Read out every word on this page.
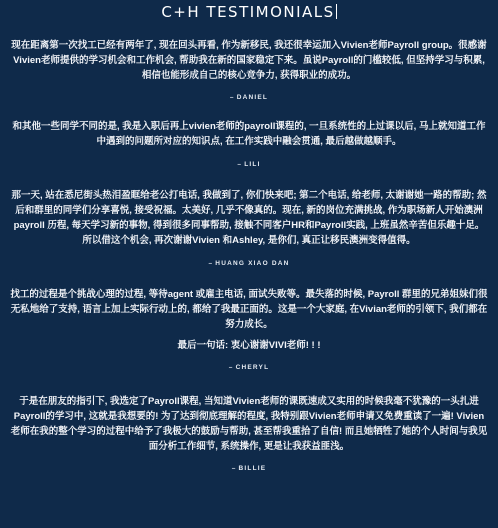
C+H TESTIMONIALS

现在距离第一次找工已经有两年了, 现在回头再看, 作为新移民, 我还很幸运加入Vivien老师Payroll group。很感谢Vivien老师提供的学习机会和工作机会, 帮助我在新的国家稳定下来。虽说Payroll的门槛较低, 但坚持学习与积累, 相信也能形成自己的核心竞争力, 获得职业的成功。

– DANIEL

和其他一些同学不同的是, 我是入职后再上vivien老师的payroll课程的, 一旦系统性的上过课以后, 马上就知道工作中遇到的问题所对应的知识点, 在工作实践中融会贯通, 最后越做越顺手。

– LILI

那一天, 站在悉尼街头热泪盈眶给老公打电话, 我做到了, 你们快来吧; 第二个电话, 给老师, 太谢谢她一路的帮助; 然后和群里的同学们分享喜悦, 接受祝福。太美好, 几乎不像真的。现在, 新的岗位充满挑战, 作为职场新人开始澳洲payroll 历程, 每天学习新的事物, 得到很多同事帮助, 接触不同客户HR和Payroll实践, 上班虽然辛苦但乐趣十足。所以借这个机会, 再次谢谢Vivien 和Ashley, 是你们, 真正让移民澳洲变得值得。

– HUANG XIAO DAN

找工的过程是个挑战心理的过程, 等待agent 或雇主电话, 面试失败等。最失落的时候, Payroll 群里的兄弟姐妹们很无私地给了支持, 语言上加上实际行动上的, 都给了我最正面的。这是一个大家庭, 在Vivian老师的引领下, 我们都在努力成长。

最后一句话: 衷心谢谢VIVI老师! ! !

– CHERYL

于是在朋友的指引下, 我选定了Payroll课程, 当知道Vivien老师的课既速成又实用的时候我毫不犹豫的一头扎进Payroll的学习中, 这就是我想要的! 为了达到彻底理解的程度, 我特别跟Vivien老师申请又免费重读了一遍! Vivien老师在我的整个学习的过程中给予了我极大的鼓励与帮助, 甚至帮我重拾了自信! 而且她牺牲了她的个人时间与我见面分析工作细节, 系统操作, 更是让我获益匪浅。

– BILLIE
